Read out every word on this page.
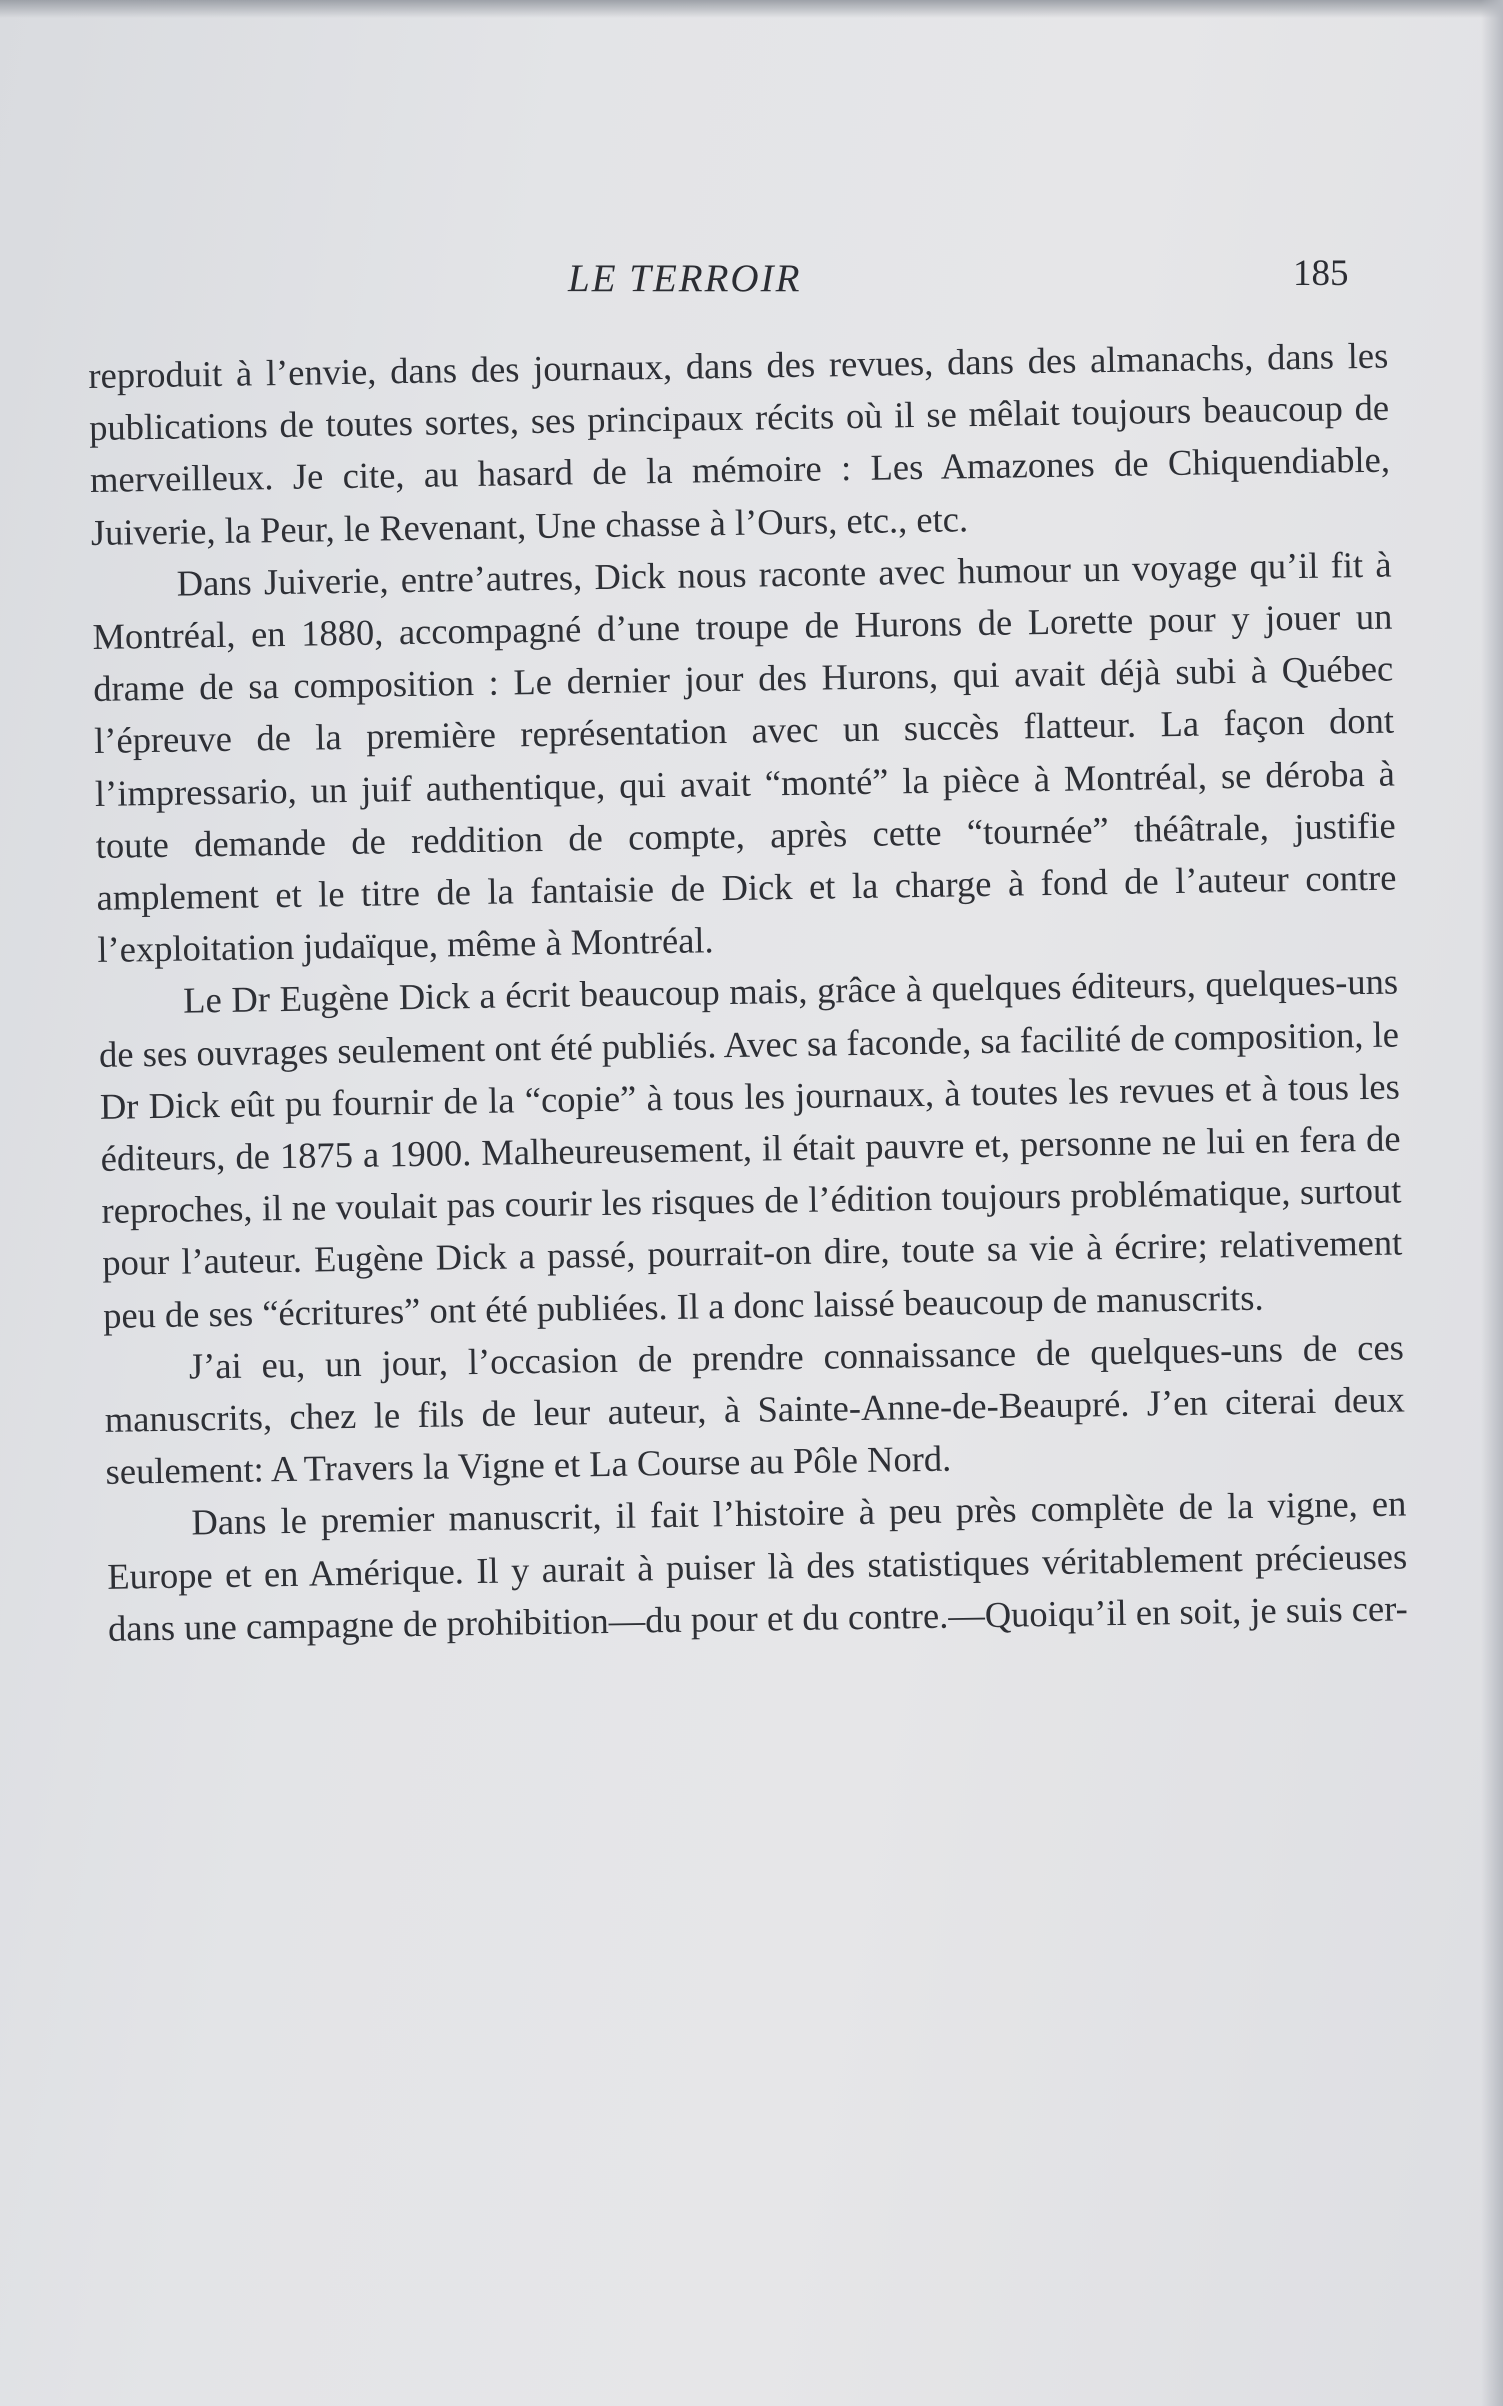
LE TERROIR	185

reproduit à l’envie, dans des journaux, dans des revues, dans des almanachs, dans les publications de toutes sortes, ses principaux récits où il se mêlait toujours beaucoup de merveilleux. Je cite, au hasard de la mémoire : Les Amazones de Chiquendiable, Juiverie, la Peur, le Revenant, Une chasse à l’Ours, etc., etc.

Dans Juiverie, entre’autres, Dick nous raconte avec humour un voyage qu’il fit à Montréal, en 1880, accompagné d’une troupe de Hurons de Lorette pour y jouer un drame de sa composition : Le dernier jour des Hurons, qui avait déjà subi à Québec l’épreuve de la première représentation avec un succès flatteur. La façon dont l’impressario, un juif authentique, qui avait “monté” la pièce à Montréal, se déroba à toute demande de reddition de compte, après cette “tournée” théâtrale, justifie amplement et le titre de la fantaisie de Dick et la charge à fond de l’auteur contre l’exploitation judaïque, même à Montréal.

Le Dr Eugène Dick a écrit beaucoup mais, grâce à quelques éditeurs, quelques-uns de ses ouvrages seulement ont été publiés. Avec sa faconde, sa facilité de composition, le Dr Dick eût pu fournir de la “copie” à tous les journaux, à toutes les revues et à tous les éditeurs, de 1875 a 1900. Malheureusement, il était pauvre et, personne ne lui en fera de reproches, il ne voulait pas courir les risques de l’édition toujours problématique, surtout pour l’auteur. Eugène Dick a passé, pourrait-on dire, toute sa vie à écrire; relativement peu de ses “écritures” ont été publiées. Il a donc laissé beaucoup de manuscrits.

J’ai eu, un jour, l’occasion de prendre connaissance de quelques-uns de ces manuscrits, chez le fils de leur auteur, à Sainte-Anne-de-Beaupré. J’en citerai deux seulement: A Travers la Vigne et La Course au Pôle Nord.

Dans le premier manuscrit, il fait l’histoire à peu près complète de la vigne, en Europe et en Amérique. Il y aurait à puiser là des statistiques véritablement précieuses dans une campagne de prohibition—du pour et du contre.—Quoiqu’il en soit, je suis cer-
